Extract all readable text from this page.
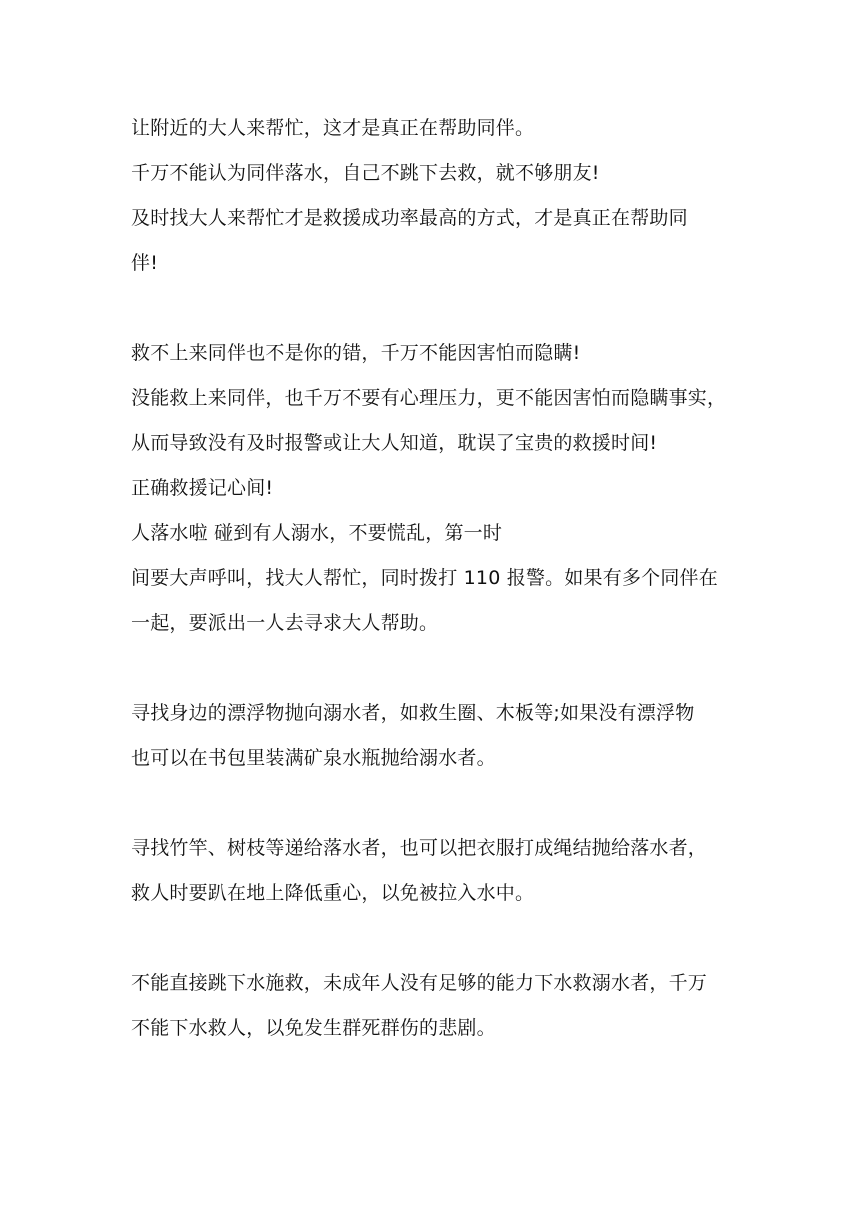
让附近的大人来帮忙，这才是真正在帮助同伴。

千万不能认为同伴落水，自己不跳下去救，就不够朋友!

及时找大人来帮忙才是救援成功率最高的方式，才是真正在帮助同

伴!

救不上来同伴也不是你的错，千万不能因害怕而隐瞒!

没能救上来同伴，也千万不要有心理压力，更不能因害怕而隐瞒事实，

从而导致没有及时报警或让大人知道，耽误了宝贵的救援时间!

正确救援记心间!

人落水啦 碰到有人溺水，不要慌乱，第一时

间要大声呼叫，找大人帮忙，同时拨打 110 报警。如果有多个同伴在

一起，要派出一人去寻求大人帮助。

寻找身边的漂浮物抛向溺水者，如救生圈、木板等;如果没有漂浮物

也可以在书包里装满矿泉水瓶抛给溺水者。

寻找竹竿、树枝等递给落水者，也可以把衣服打成绳结抛给落水者，

救人时要趴在地上降低重心，以免被拉入水中。

不能直接跳下水施救，未成年人没有足够的能力下水救溺水者，千万

不能下水救人，以免发生群死群伤的悲剧。
